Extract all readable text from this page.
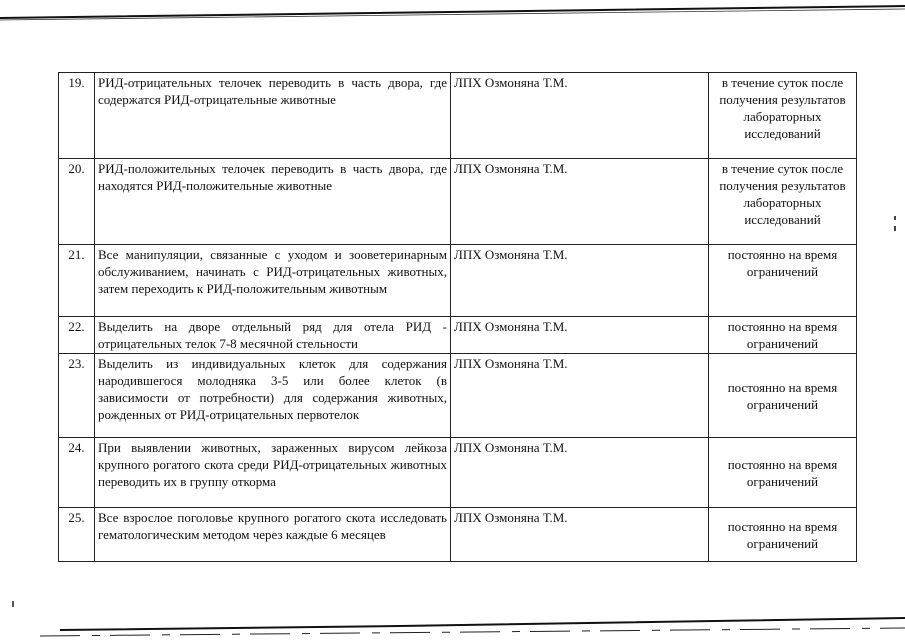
19.	РИД-отрицательных телочек переводить в часть двора, где содержатся РИД-отрицательные животные	ЛПХ Озмоняна Т.М.	в течение суток после получения результатов лабораторных исследований
20.	РИД-положительных телочек переводить в часть двора, где находятся РИД-положительные животные	ЛПХ Озмоняна Т.М.	в течение суток после получения результатов лабораторных исследований
21.	Все манипуляции, связанные с уходом и зооветеринарным обслуживанием, начинать с РИД-отрицательных животных, затем переходить к РИД-положительным животным	ЛПХ Озмоняна Т.М.	постоянно на время ограничений
22.	Выделить на дворе отдельный ряд для отела РИД - отрицательных телок 7-8 месячной стельности	ЛПХ Озмоняна Т.М.	постоянно на время ограничений
23.	Выделить из индивидуальных клеток для содержания народившегося молодняка 3-5 или более клеток (в зависимости от потребности) для содержания животных, рожденных от РИД-отрицательных первотелок	ЛПХ Озмоняна Т.М.	постоянно на время ограничений
24.	При выявлении животных, зараженных вирусом лейкоза крупного рогатого скота среди РИД-отрицательных животных переводить их в группу откорма	ЛПХ Озмоняна Т.М.	постоянно на время ограничений
25.	Все взрослое поголовье крупного рогатого скота исследовать гематологическим методом через каждые 6 месяцев	ЛПХ Озмоняна Т.М.	постоянно на время ограничений
